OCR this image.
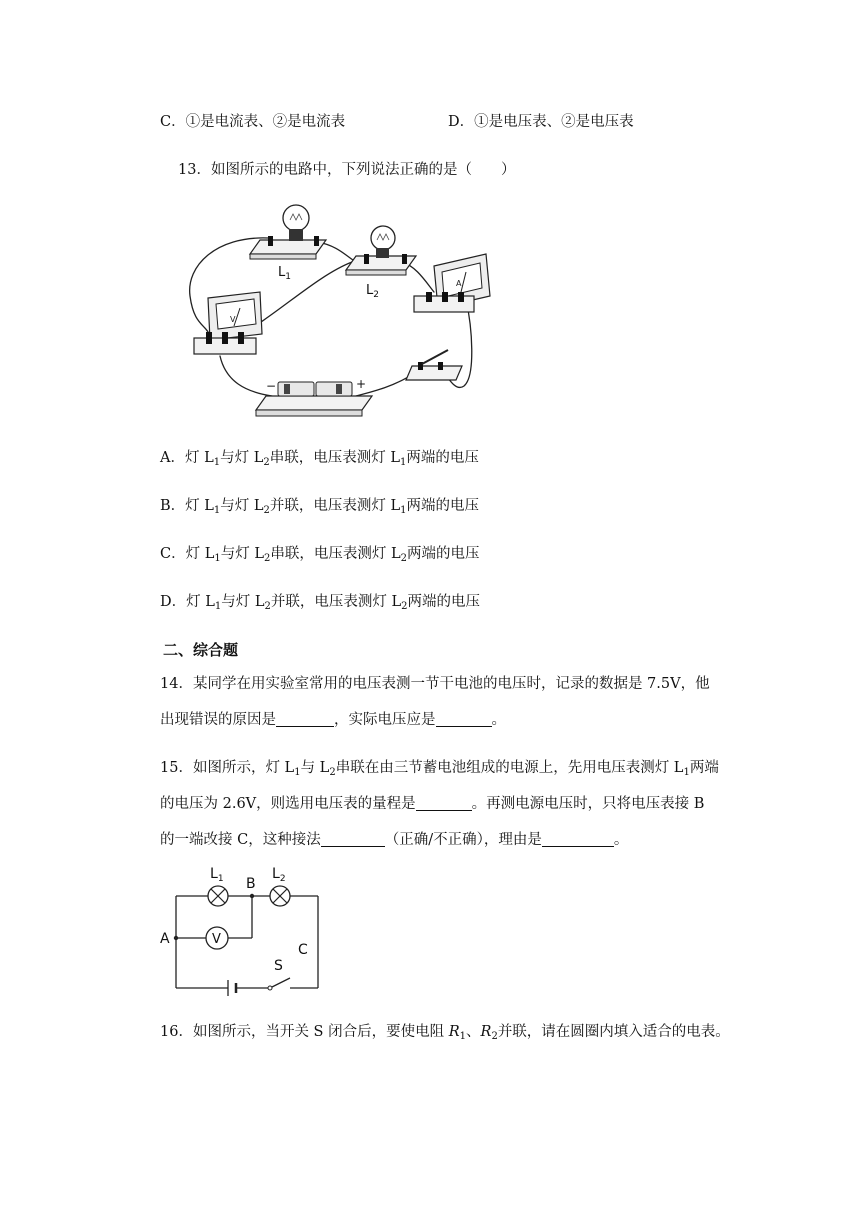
C．①是电流表、②是电流表	D．①是电压表、②是电压表
13．如图所示的电路中，下列说法正确的是（　　）
A
V
$L_1$
$L_2$
−	+
A．灯 $L_1$与灯 $L_2$串联，电压表测灯 $L_1$两端的电压
B．灯 $L_1$与灯 $L_2$并联，电压表测灯 $L_1$两端的电压
C．灯 $L_1$与灯 $L_2$串联，电压表测灯 $L_2$两端的电压
D．灯 $L_1$与灯 $L_2$并联，电压表测灯 $L_2$两端的电压
二、综合题
14．某同学在用实验室常用的电压表测一节干电池的电压时，记录的数据是 7.5V，他出现错误的原因是	，实际电压应是	。
15．如图所示，灯 $L_1$与 $L_2$串联在由三节蓄电池组成的电源上，先用电压表测灯 $L_1$两端的电压为 2.6V，则选用电压表的量程是	。再测电源电压时，只将电压表接 B 的一端改接 C，这种接法	（正确/不正确），理由是	。
V
$L_1$	$L_2$
B
A
C
S
16．如图所示，当开关 S 闭合后，要使电阻 $R_1$、$R_2$并联，请在圆圈内填入适合的电表。
